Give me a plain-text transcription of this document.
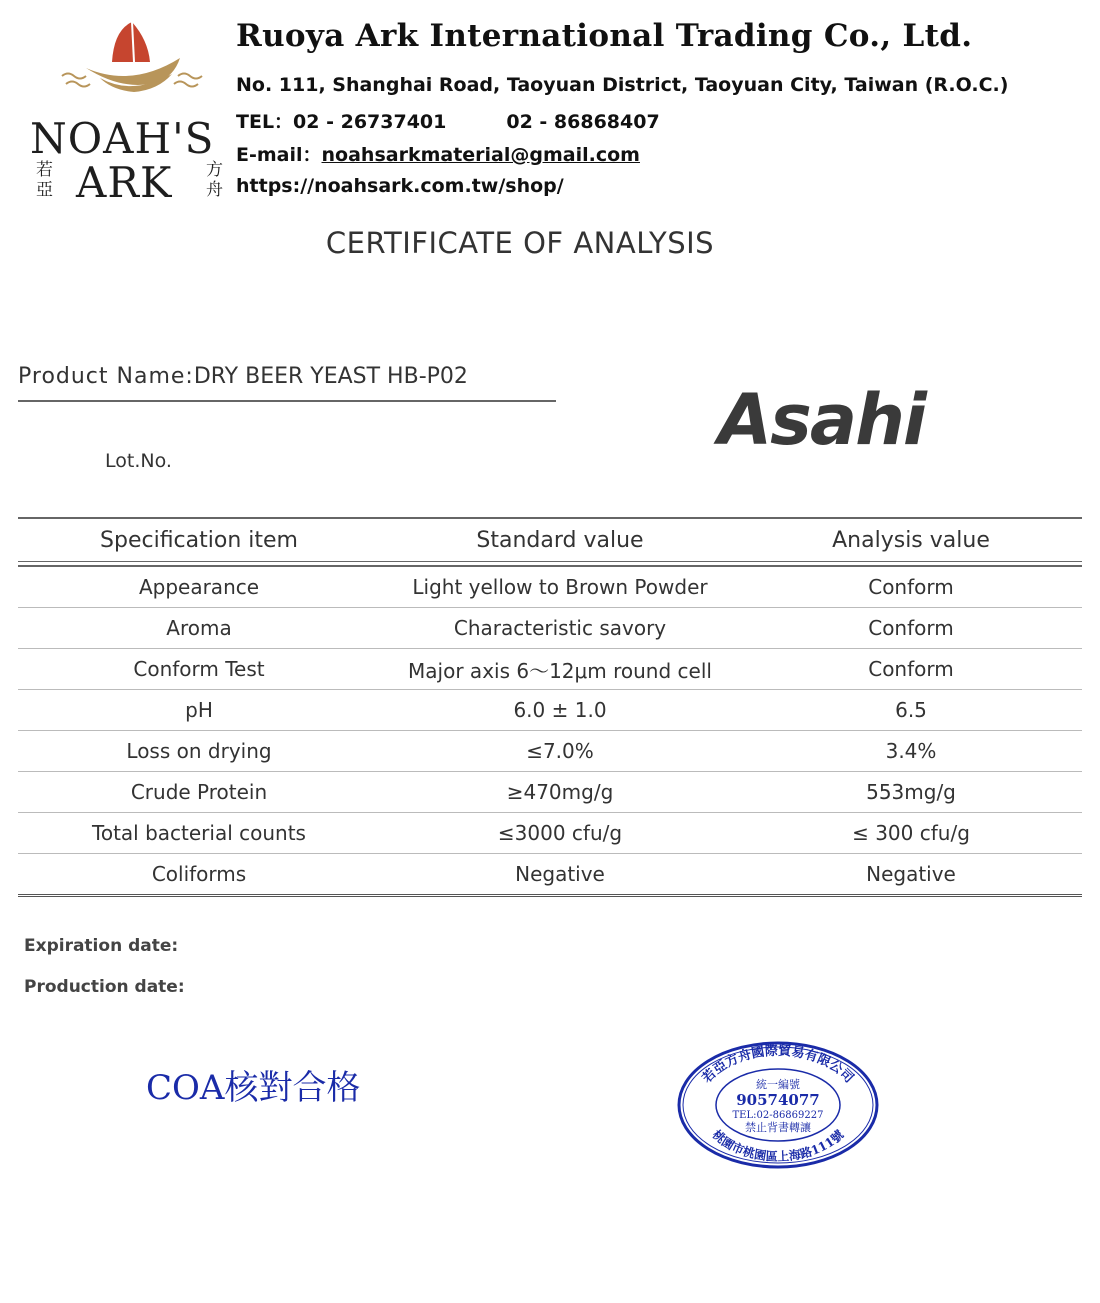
NOAH'S
若亞 ARK 方舟
Ruoya Ark International Trading Co., Ltd.
No. 111, Shanghai Road, Taoyuan District, Taoyuan City, Taiwan (R.O.C.)
TEL：02 - 26737401	02 - 86868407
E-mail：noahsarkmaterial@gmail.com
https://noahsark.com.tw/shop/
CERTIFICATE OF ANALYSIS
Product Name:DRY BEER YEAST HB-P02
Lot.No.	Asahi
Specification item	Standard value	Analysis value
Appearance	Light yellow to Brown Powder	Conform
Aroma	Characteristic savory	Conform
Conform Test	Major axis 6～12μm round cell	Conform
pH	6.0 ± 1.0	6.5
Loss on drying	≤7.0%	3.4%
Crude Protein	≥470mg/g	553mg/g
Total bacterial counts	≤3000 cfu/g	≤ 300 cfu/g
Coliforms	Negative	Negative
Expiration date:
Production date:
COA核對合格	若亞方舟國際貿易有限公司
桃園市桃園區上海路111號
統一編號
90574077
TEL:02-86869227
禁止背書轉讓
